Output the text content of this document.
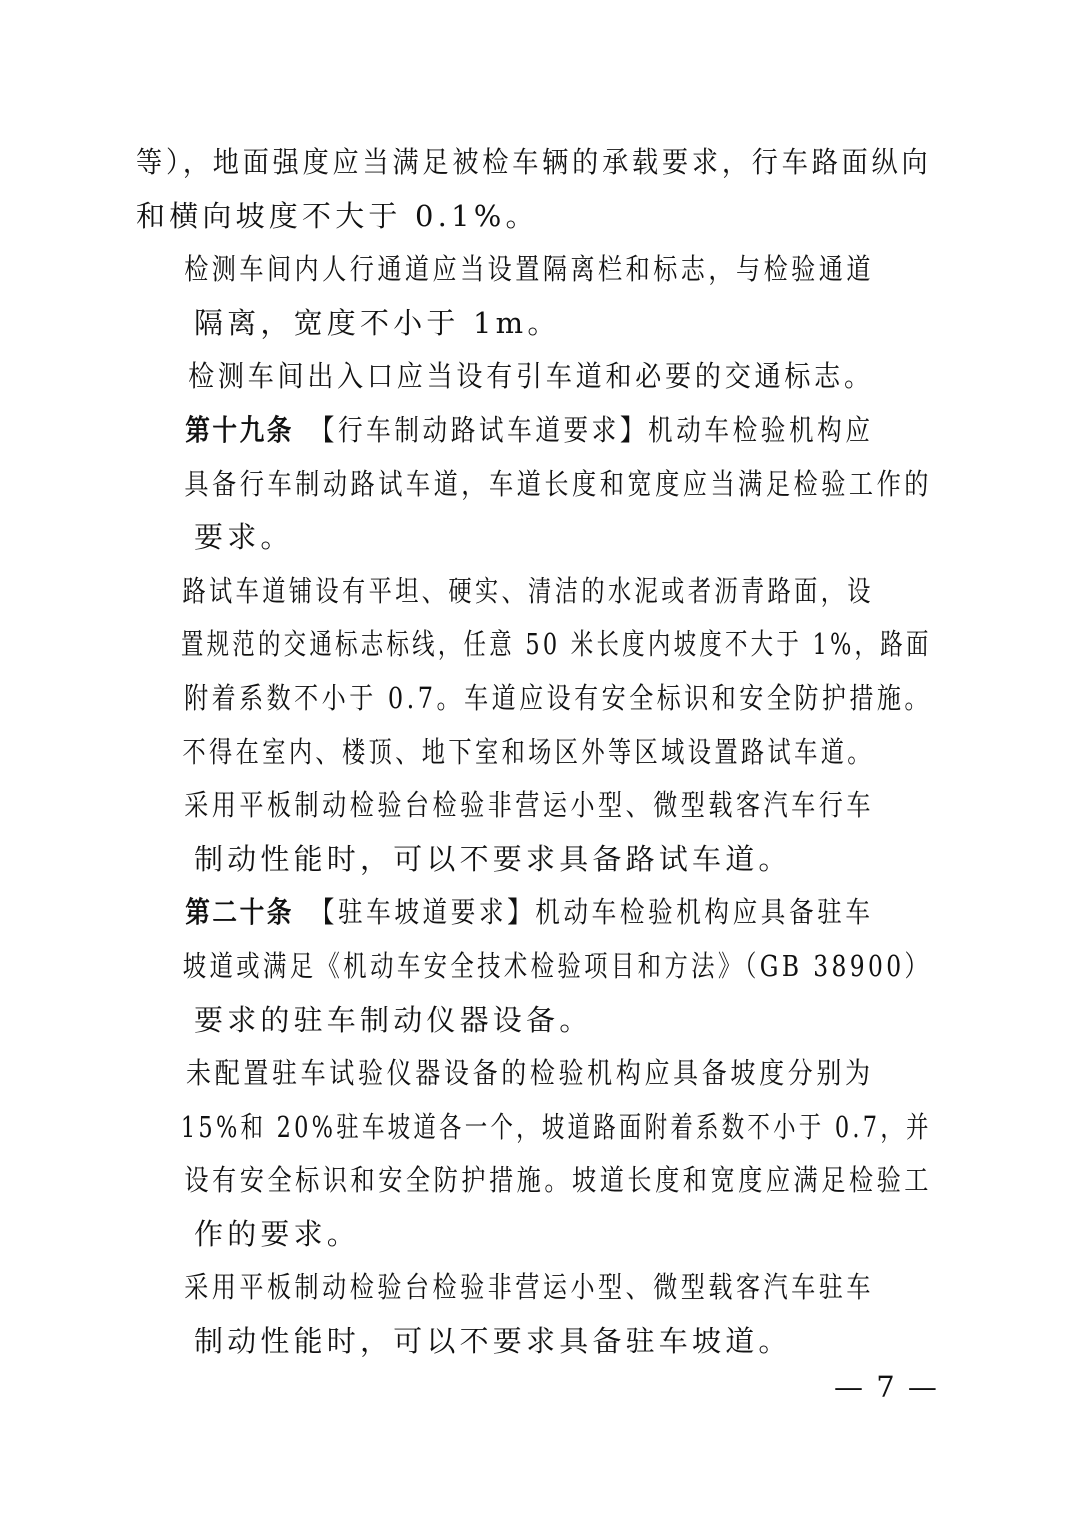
等），地面强度应当满足被检车辆的承载要求，行车路面纵向
和横向坡度不大于 0.1%。

检测车间内人行通道应当设置隔离栏和标志，与检验通道
隔离，宽度不小于 1m。

检测车间出入口应当设有引车道和必要的交通标志。

第十九条  【行车制动路试车道要求】机动车检验机构应
具备行车制动路试车道，车道长度和宽度应当满足检验工作的
要求。

路试车道铺设有平坦、硬实、清洁的水泥或者沥青路面，设
置规范的交通标志标线，任意 50 米长度内坡度不大于 1%，路面
附着系数不小于 0.7。车道应设有安全标识和安全防护措施。

不得在室内、楼顶、地下室和场区外等区域设置路试车道。

采用平板制动检验台检验非营运小型、微型载客汽车行车
制动性能时，可以不要求具备路试车道。

第二十条  【驻车坡道要求】机动车检验机构应具备驻车
坡道或满足《机动车安全技术检验项目和方法》（GB 38900）
要求的驻车制动仪器设备。

未配置驻车试验仪器设备的检验机构应具备坡度分别为
15%和 20%驻车坡道各一个，坡道路面附着系数不小于 0.7，并
设有安全标识和安全防护措施。坡道长度和宽度应满足检验工
作的要求。

采用平板制动检验台检验非营运小型、微型载客汽车驻车
制动性能时，可以不要求具备驻车坡道。

— 7 —
